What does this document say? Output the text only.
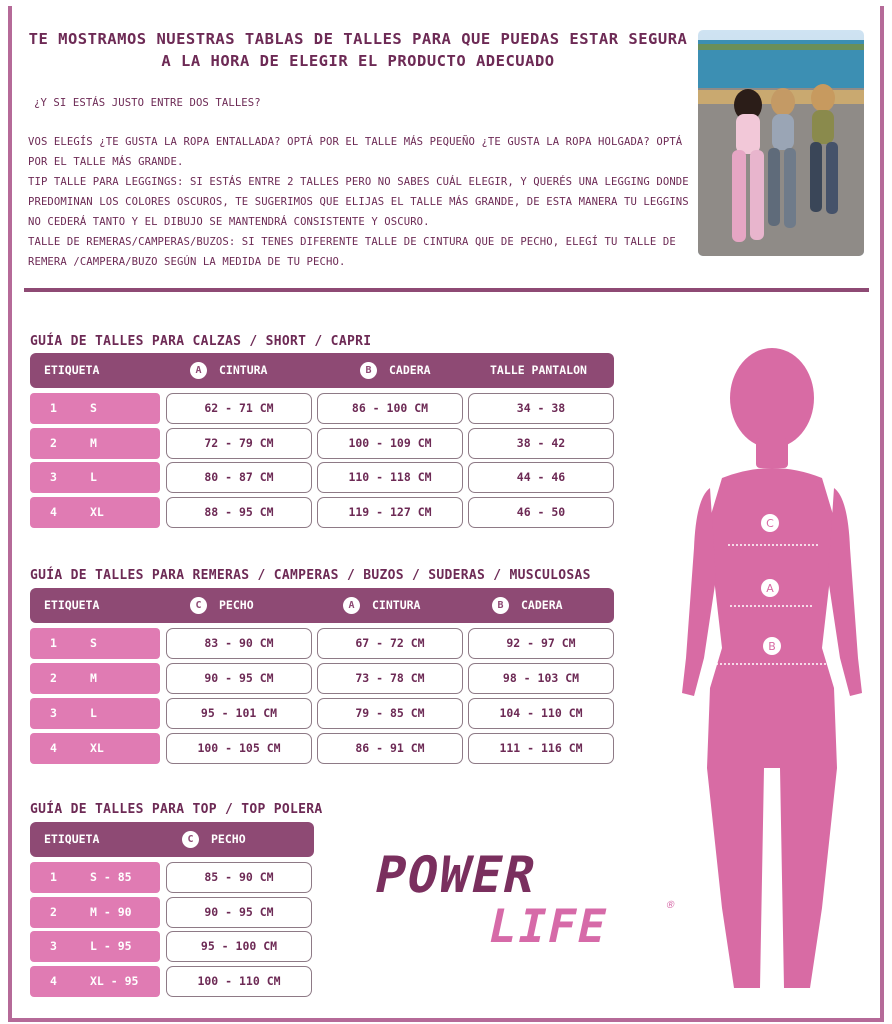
TE MOSTRAMOS NUESTRAS TABLAS DE TALLES PARA QUE PUEDAS ESTAR SEGURA A LA HORA DE ELEGIR EL PRODUCTO ADECUADO
¿Y SI ESTÁS JUSTO ENTRE DOS TALLES?
VOS ELEGÍS ¿TE GUSTA LA ROPA ENTALLADA? OPTÁ POR EL TALLE MÁS PEQUEÑO ¿TE GUSTA LA ROPA HOLGADA? OPTÁ POR EL TALLE MÁS GRANDE.
TIP TALLE PARA LEGGINGS: SI ESTÁS ENTRE 2 TALLES PERO NO SABES CUÁL ELEGIR, Y QUERÉS UNA LEGGING DONDE PREDOMINAN LOS COLORES OSCUROS, TE SUGERIMOS QUE ELIJAS EL TALLE MÁS GRANDE, DE ESTA MANERA TU LEGGINS NO CEDERÁ TANTO Y EL DIBUJO SE MANTENDRÁ CONSISTENTE Y OSCURO.
TALLE DE REMERAS/CAMPERAS/BUZOS: SI TENES DIFERENTE TALLE DE CINTURA QUE DE PECHO, ELEGÍ TU TALLE DE REMERA /CAMPERA/BUZO SEGÚN LA MEDIDA DE TU PECHO.
GUÍA DE TALLES PARA CALZAS / SHORT / CAPRI
ETIQUETA	A	CINTURA	B	CADERA	TALLE PANTALON
1	S	62 - 71 CM	86 - 100 CM	34 - 38
2	M	72 - 79 CM	100 - 109 CM	38 - 42
3	L	80 - 87 CM	110 - 118 CM	44 - 46
4	XL	88 - 95 CM	119 - 127 CM	46 - 50
GUÍA DE TALLES PARA REMERAS / CAMPERAS / BUZOS / SUDERAS / MUSCULOSAS
ETIQUETA	C	PECHO	A	CINTURA	B	CADERA
1	S	83 - 90 CM	67 - 72 CM	92 - 97 CM
2	M	90 - 95 CM	73 - 78 CM	98 - 103 CM
3	L	95 - 101 CM	79 - 85 CM	104 - 110 CM
4	XL	100 - 105 CM	86 - 91 CM	111 - 116 CM
GUÍA DE TALLES PARA TOP / TOP POLERA
ETIQUETA	C	PECHO
1	S - 85	85 - 90 CM
2	M - 90	90 - 95 CM
3	L - 95	95 - 100 CM
4	XL - 95	100 - 110 CM
POWER
LIFE	®
C
A
B
